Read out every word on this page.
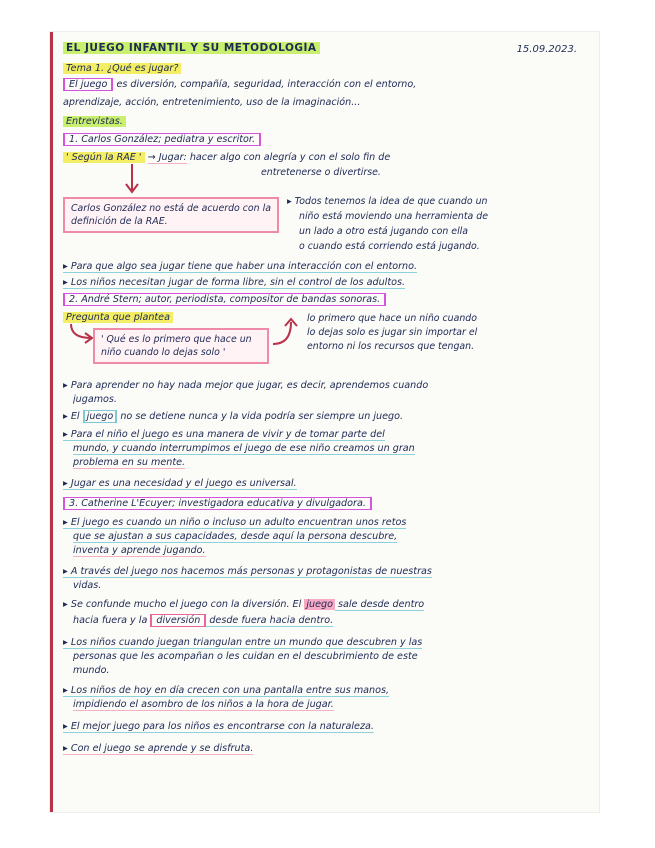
EL JUEGO INFANTIL Y SU METODOLOGÍA	15.09.2023.
Tema 1. ¿Qué es jugar?
El juego es diversión, compañía, seguridad, interacción con el entorno,
aprendizaje, acción, entretenimiento, uso de la imaginación...
Entrevistas.
1. Carlos González; pediatra y escritor.
' Según la RAE ' → Jugar: hacer algo con alegría y con el solo fin de
entretenerse o divertirse.
Carlos González no está de acuerdo con la definición de la RAE.
▸ Todos tenemos la idea de que cuando un
niño está moviendo una herramienta de
un lado a otro está jugando con ella
o cuando está corriendo está jugando.
▸ Para que algo sea jugar tiene que haber una interacción con el entorno.
▸ Los niños necesitan jugar de forma libre, sin el control de los adultos.
2. André Stern; autor, periodista, compositor de bandas sonoras.
Pregunta que plantea
' Qué es lo primero que hace un niño cuando lo dejas solo '
lo primero que hace un niño cuando
lo dejas solo es jugar sin importar el
entorno ni los recursos que tengan.
▸ Para aprender no hay nada mejor que jugar, es decir, aprendemos cuando
jugamos.
▸ El juego no se detiene nunca y la vida podría ser siempre un juego.
▸ Para el niño el juego es una manera de vivir y de tomar parte del
mundo, y cuando interrumpimos el juego de ese niño creamos un gran
problema en su mente.
▸ Jugar es una necesidad y el juego es universal.
3. Catherine L'Ecuyer; investigadora educativa y divulgadora.
▸ El juego es cuando un niño o incluso un adulto encuentran unos retos
que se ajustan a sus capacidades, desde aquí la persona descubre,
inventa y aprende jugando.
▸ A través del juego nos hacemos más personas y protagonistas de nuestras
vidas.
▸ Se confunde mucho el juego con la diversión. El juego sale desde dentro
hacia fuera y la diversión desde fuera hacia dentro.
▸ Los niños cuando juegan triangulan entre un mundo que descubren y las
personas que les acompañan o les cuidan en el descubrimiento de este
mundo.
▸ Los niños de hoy en día crecen con una pantalla entre sus manos,
impidiendo el asombro de los niños a la hora de jugar.
▸ El mejor juego para los niños es encontrarse con la naturaleza.
▸ Con el juego se aprende y se disfruta.
